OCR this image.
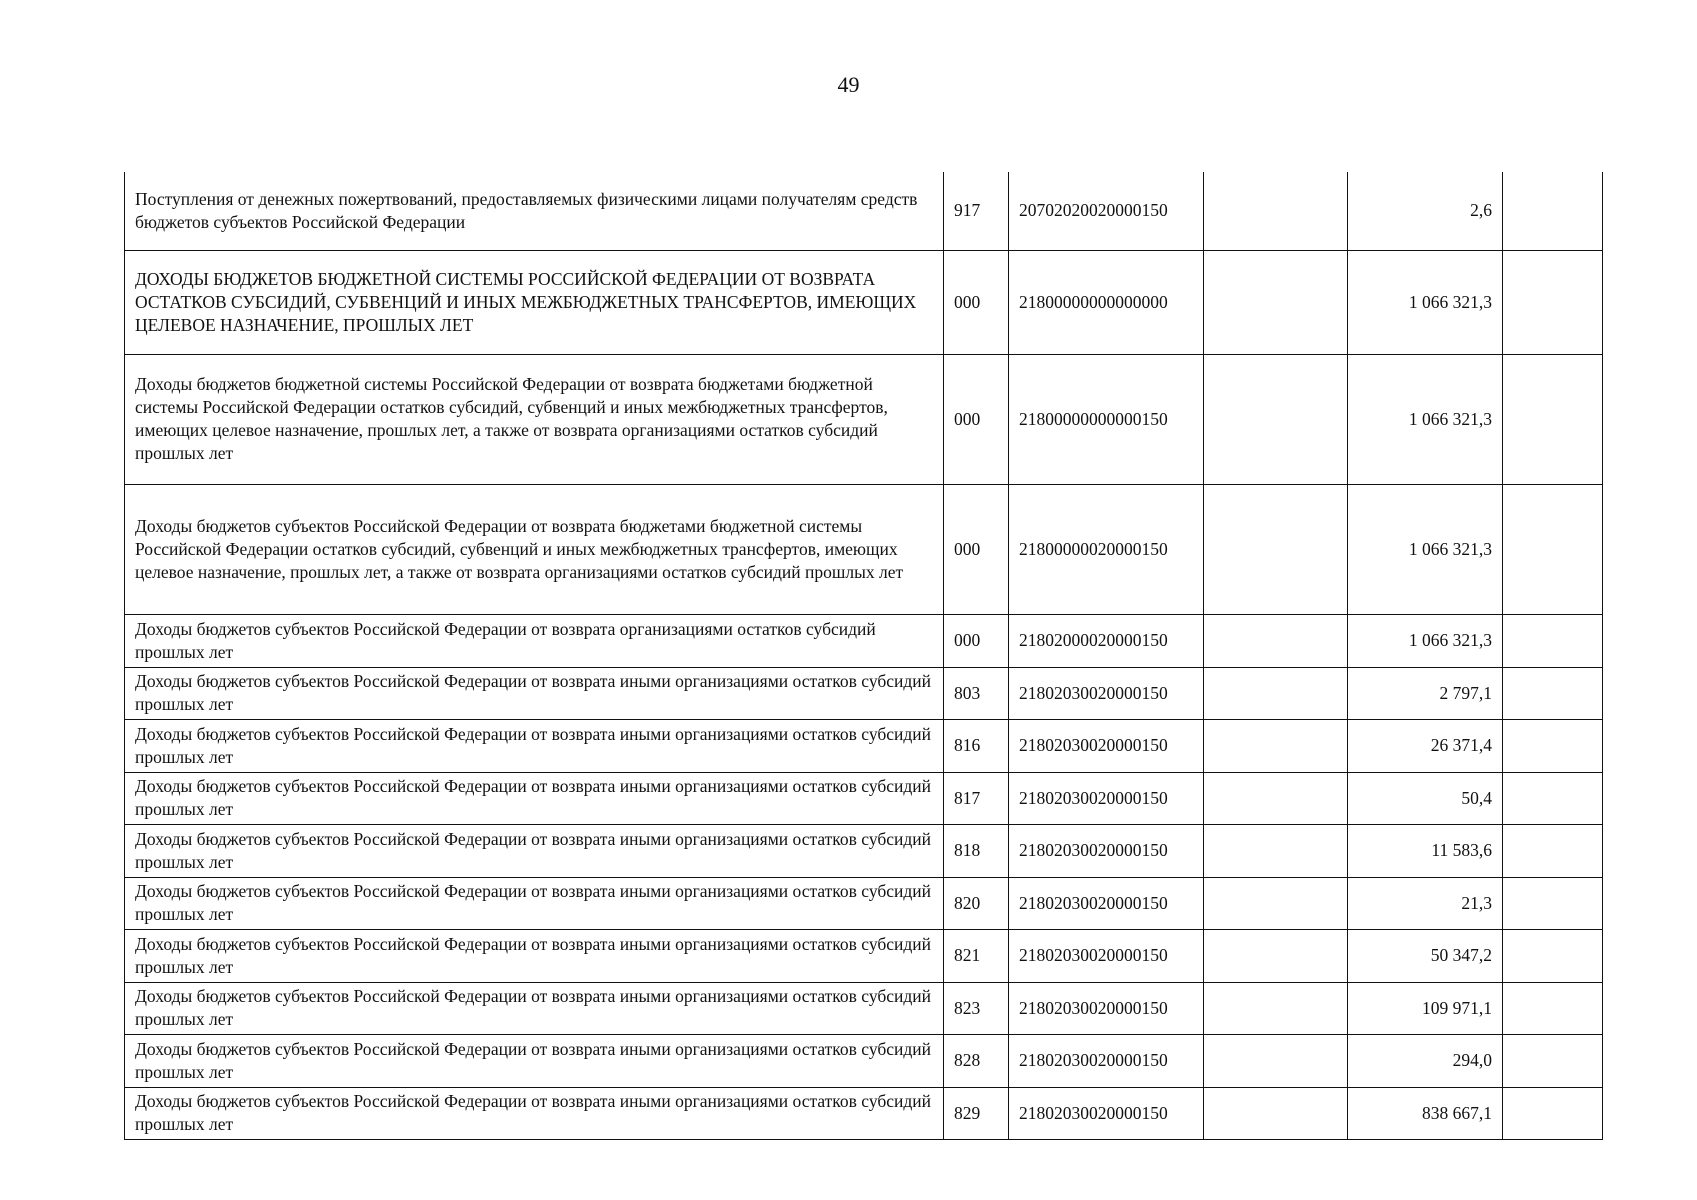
49
Поступления от денежных пожертвований, предоставляемых физическими лицами получателям средств бюджетов субъектов Российской Федерации	917	20702020020000150		2,6	
ДОХОДЫ БЮДЖЕТОВ БЮДЖЕТНОЙ СИСТЕМЫ РОССИЙСКОЙ ФЕДЕРАЦИИ ОТ ВОЗВРАТА ОСТАТКОВ СУБСИДИЙ, СУБВЕНЦИЙ И ИНЫХ МЕЖБЮДЖЕТНЫХ ТРАНСФЕРТОВ, ИМЕЮЩИХ ЦЕЛЕВОЕ НАЗНАЧЕНИЕ, ПРОШЛЫХ ЛЕТ	000	21800000000000000		1 066 321,3	
Доходы бюджетов бюджетной системы Российской Федерации от возврата бюджетами бюджетной системы Российской Федерации остатков субсидий, субвенций и иных межбюджетных трансфертов, имеющих целевое назначение, прошлых лет, а также от возврата организациями остатков субсидий прошлых лет	000	21800000000000150		1 066 321,3	
Доходы бюджетов субъектов Российской Федерации от возврата бюджетами бюджетной системы Российской Федерации остатков субсидий, субвенций и иных межбюджетных трансфертов, имеющих целевое назначение, прошлых лет, а также от возврата организациями остатков субсидий прошлых лет	000	21800000020000150		1 066 321,3	
Доходы бюджетов субъектов Российской Федерации от возврата организациями остатков субсидий прошлых лет	000	21802000020000150		1 066 321,3	
Доходы бюджетов субъектов Российской Федерации от возврата иными организациями остатков субсидий прошлых лет	803	21802030020000150		2 797,1	
Доходы бюджетов субъектов Российской Федерации от возврата иными организациями остатков субсидий прошлых лет	816	21802030020000150		26 371,4	
Доходы бюджетов субъектов Российской Федерации от возврата иными организациями остатков субсидий прошлых лет	817	21802030020000150		50,4	
Доходы бюджетов субъектов Российской Федерации от возврата иными организациями остатков субсидий прошлых лет	818	21802030020000150		11 583,6	
Доходы бюджетов субъектов Российской Федерации от возврата иными организациями остатков субсидий прошлых лет	820	21802030020000150		21,3	
Доходы бюджетов субъектов Российской Федерации от возврата иными организациями остатков субсидий прошлых лет	821	21802030020000150		50 347,2	
Доходы бюджетов субъектов Российской Федерации от возврата иными организациями остатков субсидий прошлых лет	823	21802030020000150		109 971,1	
Доходы бюджетов субъектов Российской Федерации от возврата иными организациями остатков субсидий прошлых лет	828	21802030020000150		294,0	
Доходы бюджетов субъектов Российской Федерации от возврата иными организациями остатков субсидий прошлых лет	829	21802030020000150		838 667,1	
